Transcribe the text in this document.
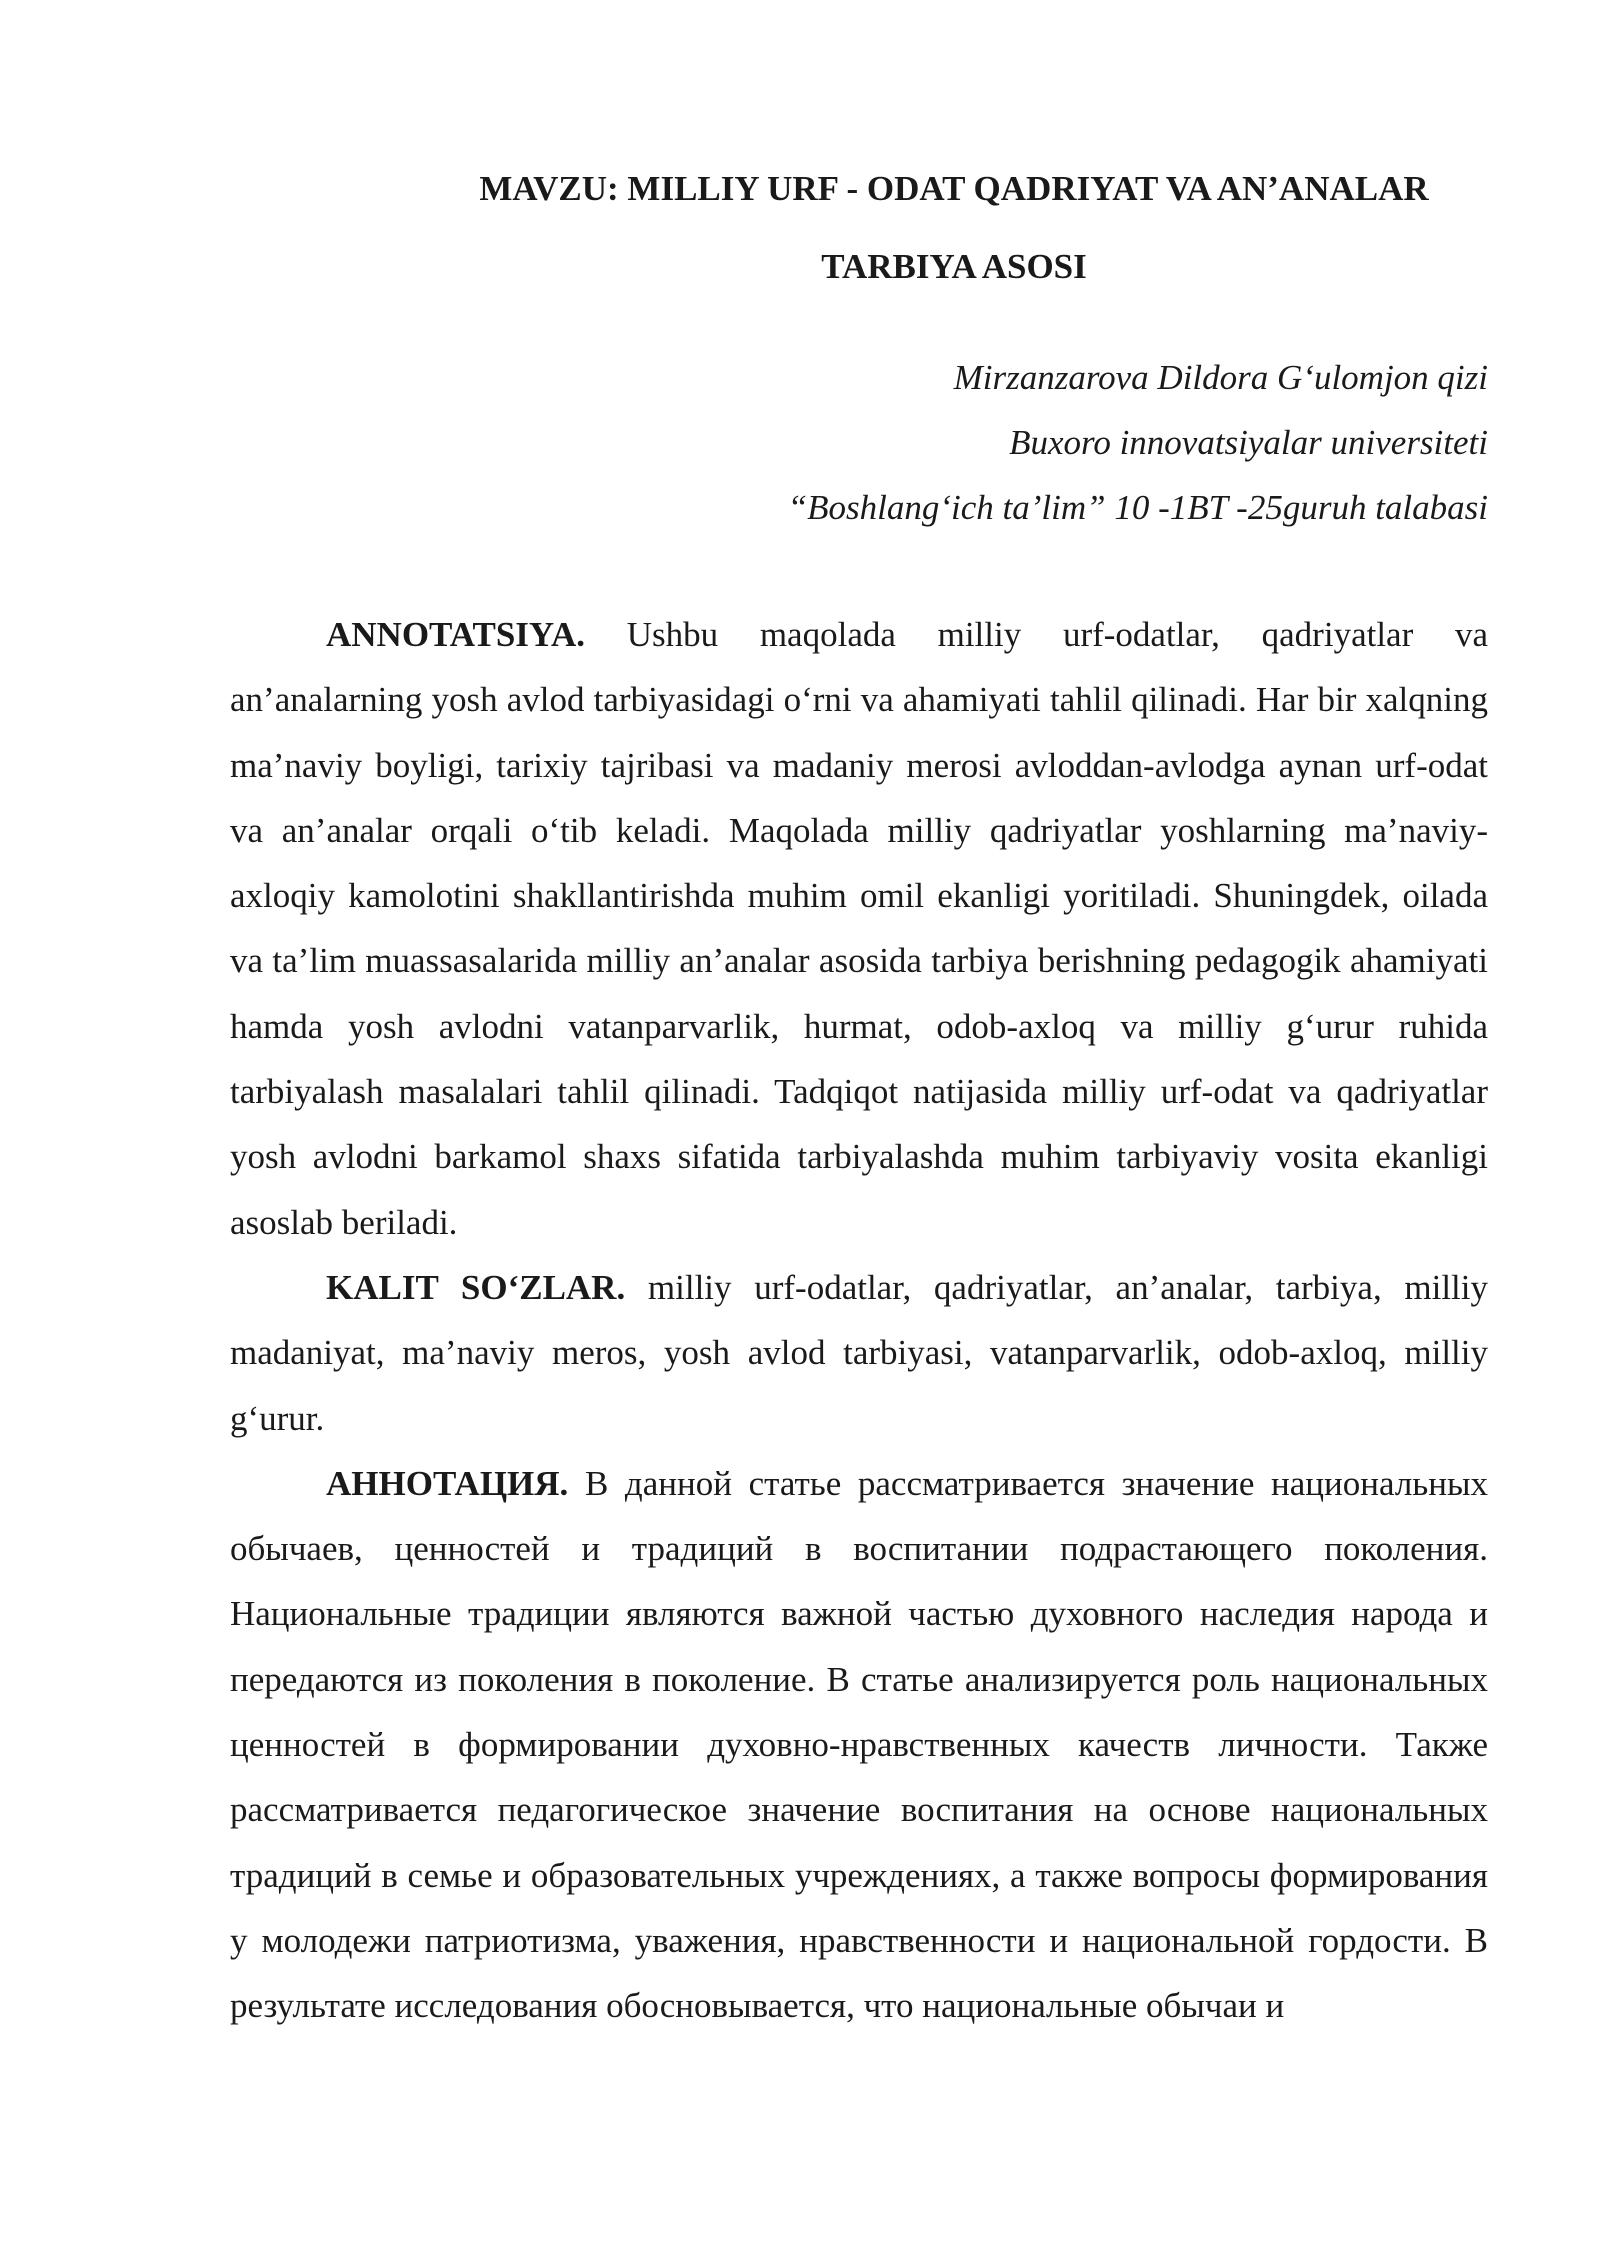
MAVZU: MILLIY URF - ODAT QADRIYAT VA AN’ANALAR
TARBIYA ASOSI
Mirzanzarova Dildora G‘ulomjon qizi
Buxoro innovatsiyalar universiteti
“Boshlang‘ich ta’lim” 10 -1BT -25guruh talabasi

ANNOTATSIYA. Ushbu maqolada milliy urf-odatlar, qadriyatlar va an’analarning yosh avlod tarbiyasidagi o‘rni va ahamiyati tahlil qilinadi. Har bir xalqning ma’naviy boyligi, tarixiy tajribasi va madaniy merosi avloddan-avlodga aynan urf-odat va an’analar orqali o‘tib keladi. Maqolada milliy qadriyatlar yoshlarning ma’naviy-axloqiy kamolotini shakllantirishda muhim omil ekanligi yoritiladi. Shuningdek, oilada va ta’lim muassasalarida milliy an’analar asosida tarbiya berishning pedagogik ahamiyati hamda yosh avlodni vatanparvarlik, hurmat, odob-axloq va milliy g‘urur ruhida tarbiyalash masalalari tahlil qilinadi. Tadqiqot natijasida milliy urf-odat va qadriyatlar yosh avlodni barkamol shaxs sifatida tarbiyalashda muhim tarbiyaviy vosita ekanligi asoslab beriladi.

KALIT SO‘ZLAR. milliy urf-odatlar, qadriyatlar, an’analar, tarbiya, milliy madaniyat, ma’naviy meros, yosh avlod tarbiyasi, vatanparvarlik, odob-axloq, milliy g‘urur.

АННОТАЦИЯ. В данной статье рассматривается значение национальных обычаев, ценностей и традиций в воспитании подрастающего поколения. Национальные традиции являются важной частью духовного наследия народа и передаются из поколения в поколение. В статье анализируется роль национальных ценностей в формировании духовно-нравственных качеств личности. Также рассматривается педагогическое значение воспитания на основе национальных традиций в семье и образовательных учреждениях, а также вопросы формирования у молодежи патриотизма, уважения, нравственности и национальной гордости. В результате исследования обосновывается, что национальные обычаи и
